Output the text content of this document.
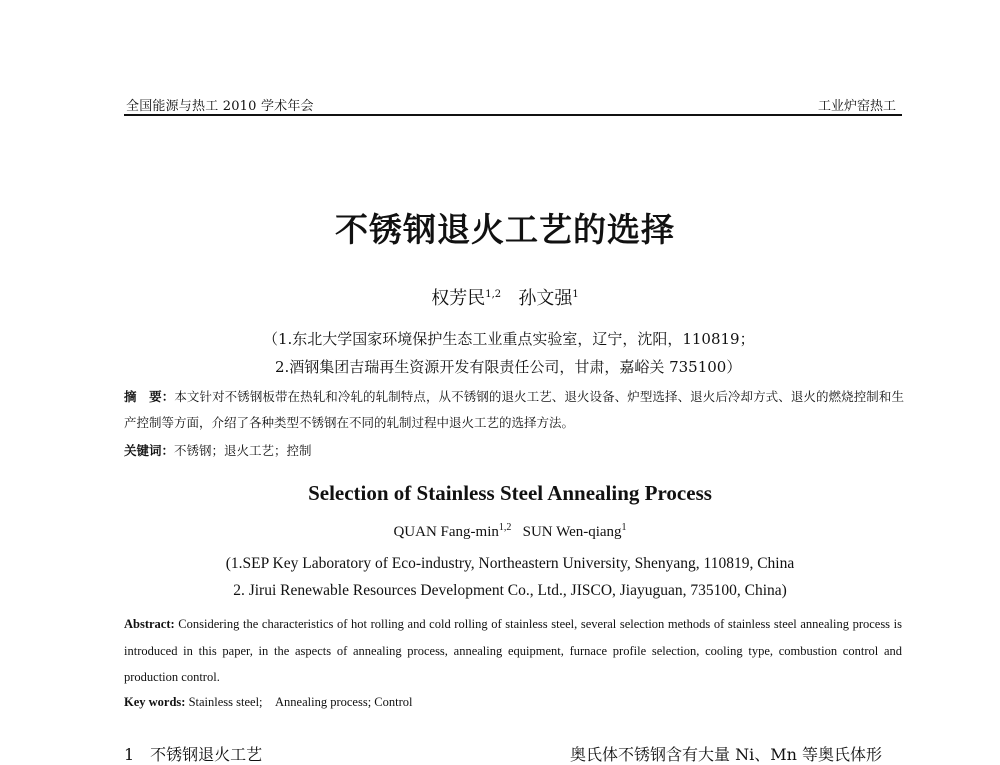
全国能源与热工 2010 学术年会	工业炉窑热工
不锈钢退火工艺的选择
权芳民$^{1,2}$ 孙文强$^1$
（1.东北大学国家环境保护生态工业重点实验室，辽宁，沈阳，110819；
2.酒钢集团吉瑞再生资源开发有限责任公司，甘肃，嘉峪关 735100）
摘　要：本文针对不锈钢板带在热轧和冷轧的轧制特点，从不锈钢的退火工艺、退火设备、炉型选择、退火后冷却方式、退火的燃烧控制和生产控制等方面，介绍了各种类型不锈钢在不同的轧制过程中退火工艺的选择方法。
关键词：不锈钢；退火工艺；控制
Selection of Stainless Steel Annealing Process
QUAN Fang-$\min^{1,2}$ SUN Wen-qiang$^1$
(1.SEP Key Laboratory of Eco-industry, Northeastern University, Shenyang, 110819, China
2. Jirui Renewable Resources Development Co., Ltd., JISCO, Jiayuguan, 735100, China)
Abstract: Considering the characteristics of hot rolling and cold rolling of stainless steel, several selection methods of stainless steel annealing process is introduced in this paper, in the aspects of annealing process, annealing equipment, furnace profile selection, cooling type, combustion control and production control.
Key words: Stainless steel;　Annealing process; Control
1　不锈钢退火工艺	奥氏体不锈钢含有大量 Ni、Mn 等奥氏体形
